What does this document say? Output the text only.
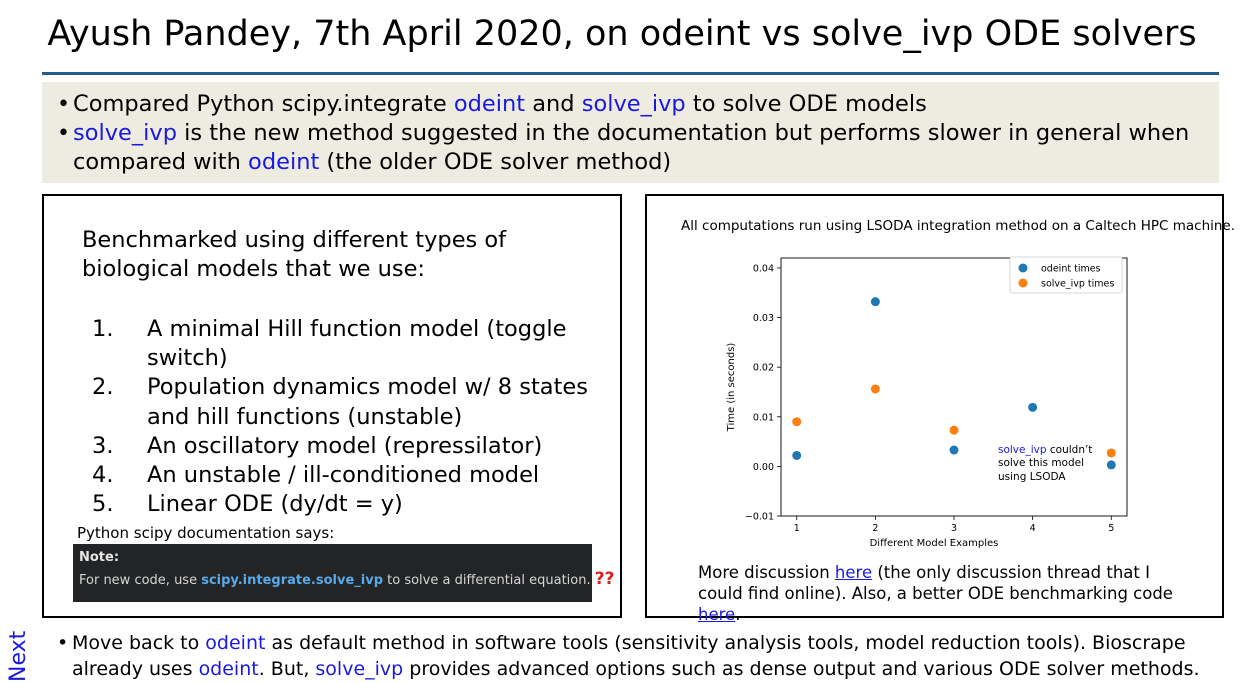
Ayush Pandey, 7th April 2020, on odeint vs solve_ivp ODE solvers
• Compared Python scipy.integrate odeint and solve_ivp to solve ODE models
• solve_ivp is the new method suggested in the documentation but performs slower in general when
compared with odeint (the older ODE solver method)
Benchmarked using different types of
biological models that we use:
1. A minimal Hill function model (toggle switch)
2. Population dynamics model w/ 8 states and hill functions (unstable)
3. An oscillatory model (repressilator)
4. An unstable / ill-conditioned model
5. Linear ODE (dy/dt = y)
Python scipy documentation says:
Note:
For new code, use scipy.integrate.solve_ivp to solve a differential equation. ??
All computations run using LSODA integration method on a Caltech HPC machine.
1	2	3	4	5
−0.01
0.00
0.01
0.02
0.03
0.04
Different Model Examples
Time (in seconds)
odeint times
solve_ivp times
solve_ivp couldn’t
solve this model
using LSODA
More discussion here (the only discussion thread that I could find online). Also, a better ODE benchmarking code here.
Next • Move back to odeint as default method in software tools (sensitivity analysis tools, model reduction tools). Bioscrape
already uses odeint. But, solve_ivp provides advanced options such as dense output and various ODE solver methods.
